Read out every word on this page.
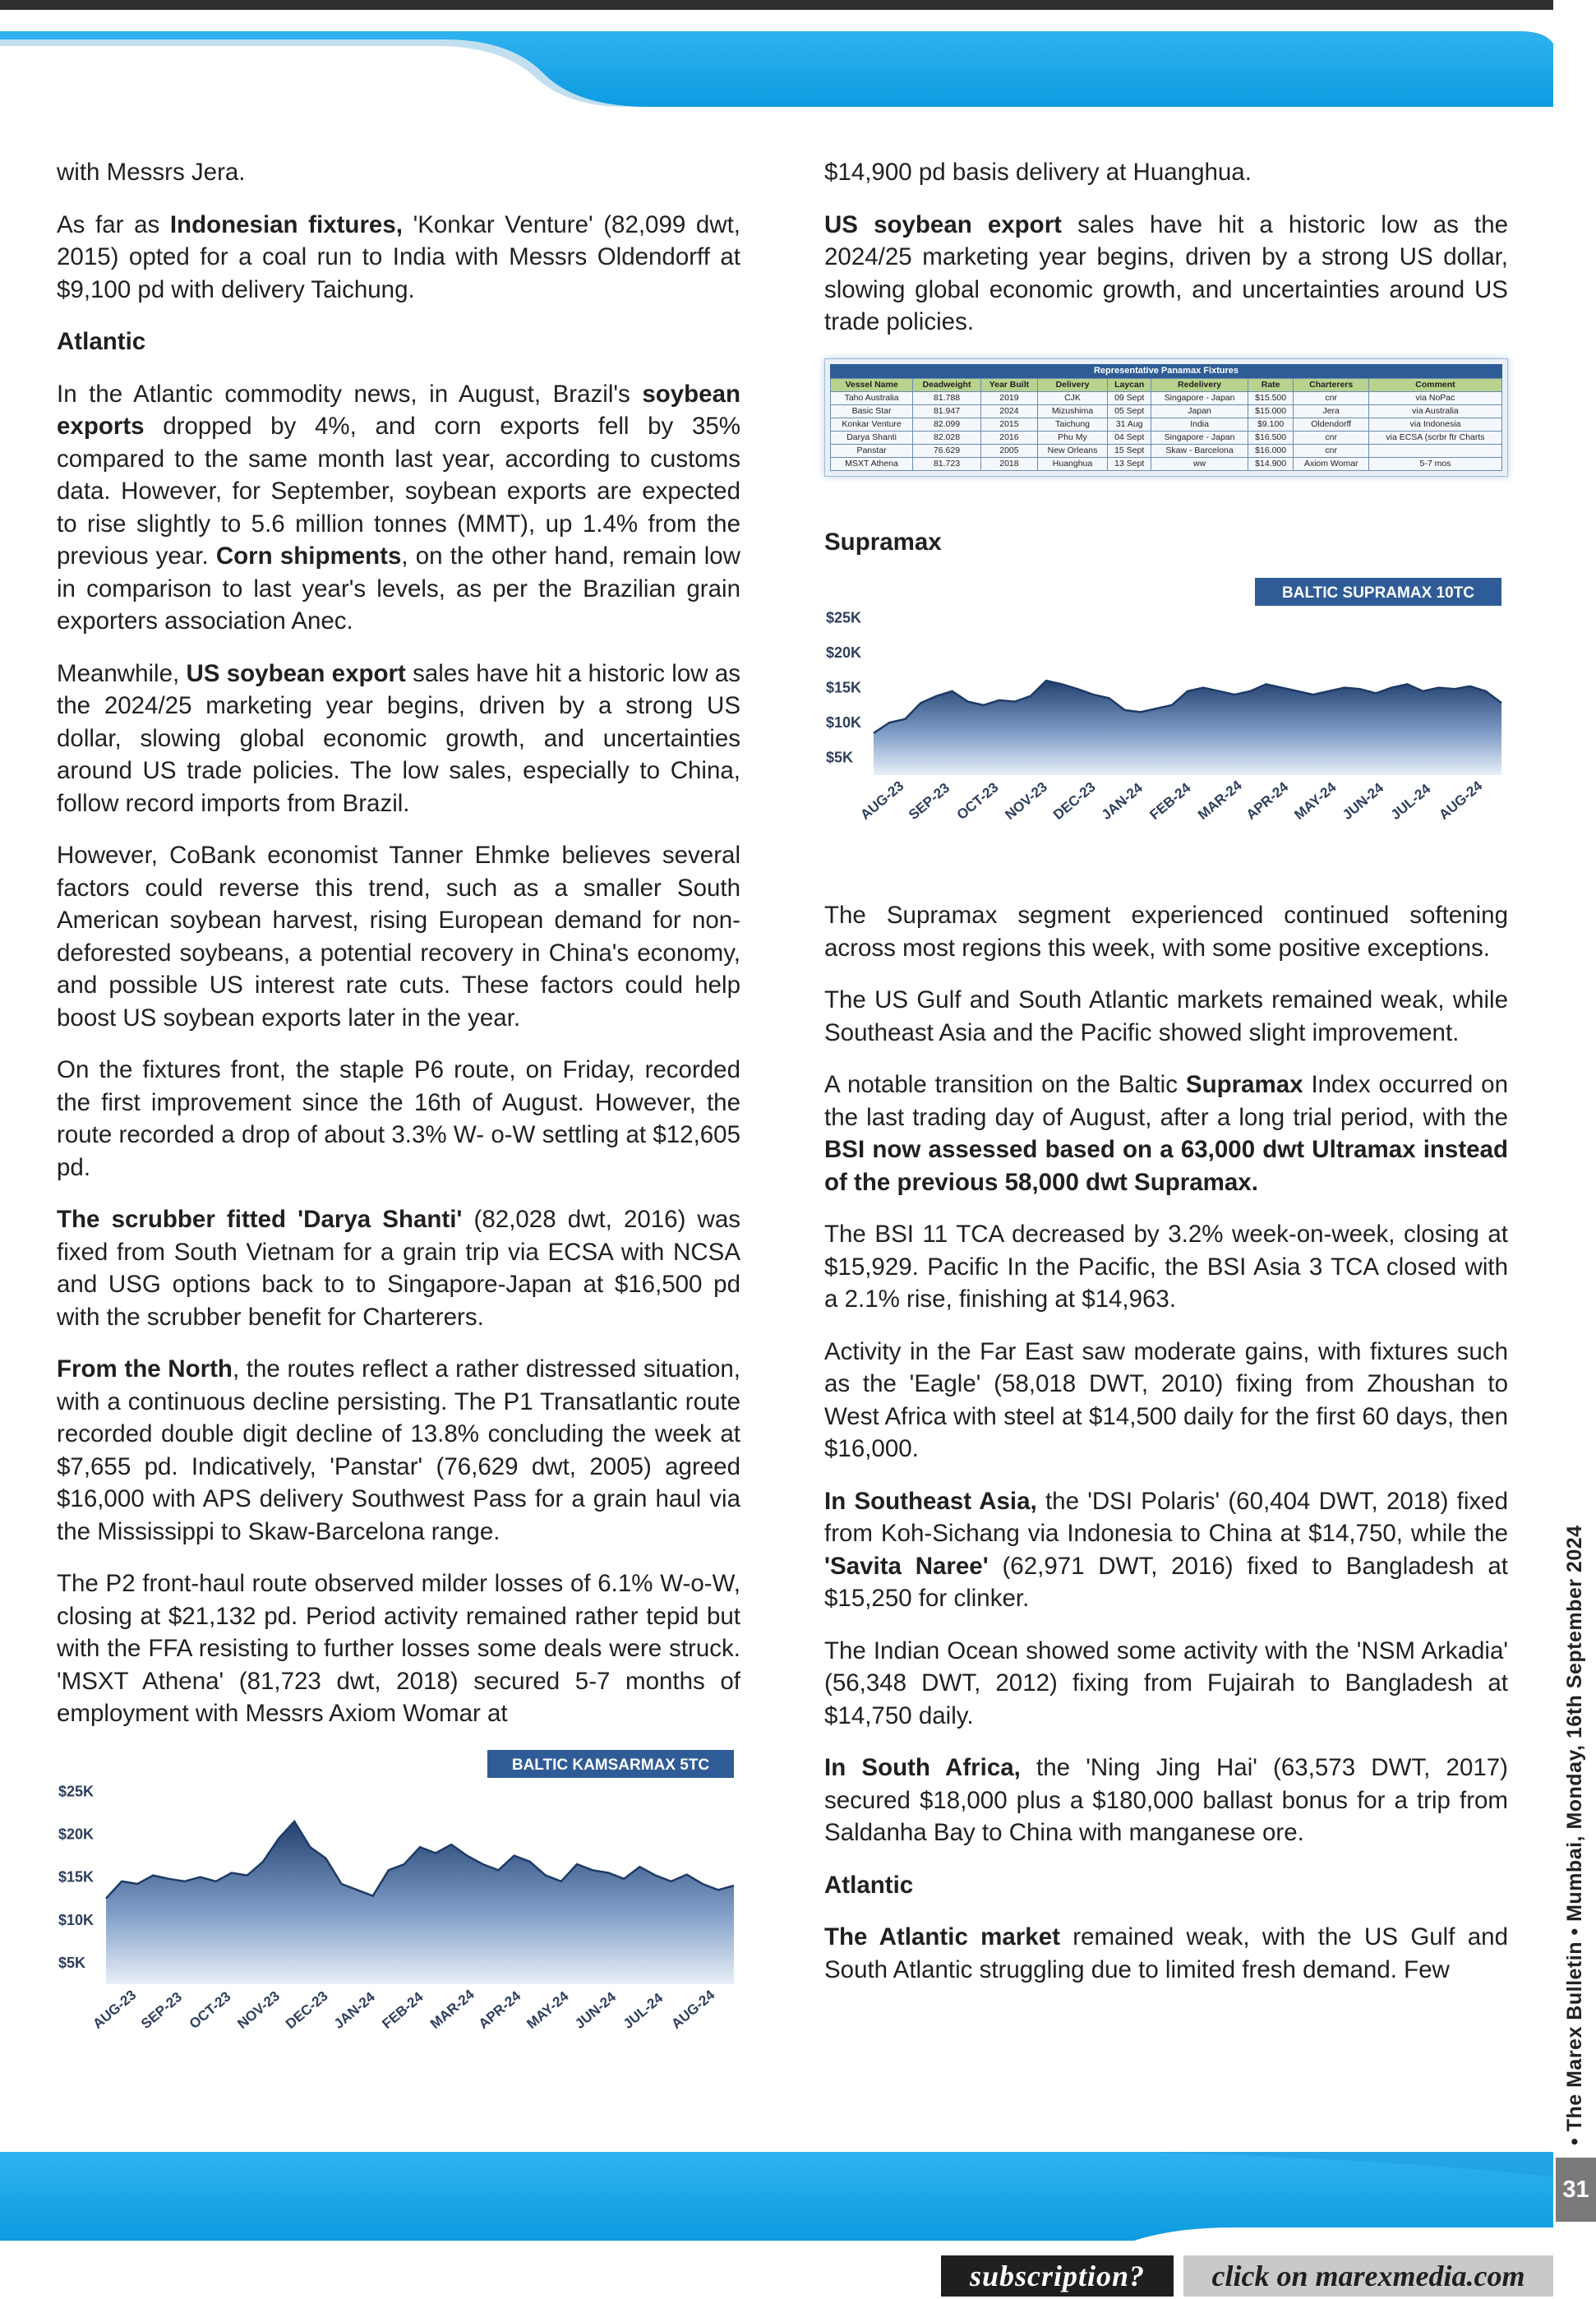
with Messrs Jera.

As far as Indonesian fixtures, 'Konkar Venture' (82,099 dwt, 2015) opted for a coal run to India with Messrs Oldendorff at $9,100 pd with delivery Taichung.

Atlantic

In the Atlantic commodity news, in August, Brazil's soybean exports dropped by 4%, and corn exports fell by 35% compared to the same month last year, according to customs data. However, for September, soybean exports are expected to rise slightly to 5.6 million tonnes (MMT), up 1.4% from the previous year. Corn shipments, on the other hand, remain low in comparison to last year's levels, as per the Brazilian grain exporters association Anec.

Meanwhile, US soybean export sales have hit a historic low as the 2024/25 marketing year begins, driven by a strong US dollar, slowing global economic growth, and uncertainties around US trade policies. The low sales, especially to China, follow record imports from Brazil.

However, CoBank economist Tanner Ehmke believes several factors could reverse this trend, such as a smaller South American soybean harvest, rising European demand for non-deforested soybeans, a potential recovery in China's economy, and possible US interest rate cuts. These factors could help boost US soybean exports later in the year.

On the fixtures front, the staple P6 route, on Friday, recorded the first improvement since the 16th of August. However, the route recorded a drop of about 3.3% W- o-W settling at $12,605 pd.

The scrubber fitted 'Darya Shanti' (82,028 dwt, 2016) was fixed from South Vietnam for a grain trip via ECSA with NCSA and USG options back to to Singapore-Japan at $16,500 pd with the scrubber benefit for Charterers.

From the North, the routes reflect a rather distressed situation, with a continuous decline persisting. The P1 Transatlantic route recorded double digit decline of 13.8% concluding the week at $7,655 pd. Indicatively, 'Panstar' (76,629 dwt, 2005) agreed $16,000 with APS delivery Southwest Pass for a grain haul via the Mississippi to Skaw-Barcelona range.

The P2 front-haul route observed milder losses of 6.1% W-o-W, closing at $21,132 pd. Period activity remained rather tepid but with the FFA resisting to further losses some deals were struck. 'MSXT Athena' (81,723 dwt, 2018) secured 5-7 months of employment with Messrs Axiom Womar at

BALTIC KAMSARMAX 5TC
$25K
$20K
$15K
$10K
$5K
AUG-23
SEP-23 OCT-23 NOV-23 DEC-23 JAN-24 FEB-24 MAR-24
APR-24 MAY-24 JUN-24 JUL-24 AUG-24

$14,900 pd basis delivery at Huanghua.

US soybean export sales have hit a historic low as the 2024/25 marketing year begins, driven by a strong US dollar, slowing global economic growth, and uncertainties around US trade policies.

Representative Panamax Fixtures
Vessel Name	Deadweight	Year Built	Delivery	Laycan	Redelivery	Rate	Charterers	Comment
Taho Australia	81.788	2019	CJK	09 Sept	Singapore - Japan	$15.500	cnr	via NoPac
Basic Star	81.947	2024	Mizushima	05 Sept	Japan	$15.000	Jera	via Australia
Konkar Venture	82.099	2015	Taichung	31 Aug	India	$9.100	Oldendorff	via Indonesia
Darya Shanti	82.028	2016	Phu My	04 Sept	Singapore - Japan	$16.500	cnr	via ECSA (scrbr ftr Charts
Panstar	76.629	2005	New Orleans	15 Sept	Skaw - Barcelona	$16.000	cnr	
MSXT Athena	81.723	2018	Huanghua	13 Sept	ww	$14.900	Axiom Womar	5-7 mos
Supramax
BALTIC SUPRAMAX 10TC
$25K
$20K
$15K
$10K
$5K
AUG-23
SEP-23 OCT-23 NOV-23 DEC-23 JAN-24 FEB-24 MAR-24
APR-24 MAY-24 JUN-24 JUL-24 AUG-24

The Supramax segment experienced continued softening across most regions this week, with some positive exceptions.

The US Gulf and South Atlantic markets remained weak, while Southeast Asia and the Pacific showed slight improvement.

A notable transition on the Baltic Supramax Index occurred on the last trading day of August, after a long trial period, with the BSI now assessed based on a 63,000 dwt Ultramax instead of the previous 58,000 dwt Supramax.

The BSI 11 TCA decreased by 3.2% week-on-week, closing at $15,929. Pacific In the Pacific, the BSI Asia 3 TCA closed with a 2.1% rise, finishing at $14,963.

Activity in the Far East saw moderate gains, with fixtures such as the 'Eagle' (58,018 DWT, 2010) fixing from Zhoushan to West Africa with steel at $14,500 daily for the first 60 days, then $16,000.

In Southeast Asia, the 'DSI Polaris' (60,404 DWT, 2018) fixed from Koh-Sichang via Indonesia to China at $14,750, while the 'Savita Naree' (62,971 DWT, 2016) fixed to Bangladesh at $15,250 for clinker.

The Indian Ocean showed some activity with the 'NSM Arkadia' (56,348 DWT, 2012) fixing from Fujairah to Bangladesh at $14,750 daily.

In South Africa, the 'Ning Jing Hai' (63,573 DWT, 2017) secured $18,000 plus a $180,000 ballast bonus for a trip from Saldanha Bay to China with manganese ore.

Atlantic

The Atlantic market remained weak, with the US Gulf and South Atlantic struggling due to limited fresh demand. Few	• The Marex Bulletin • Mumbai, Monday, 16th September 2024
31
subscription?	click on marexmedia.com
